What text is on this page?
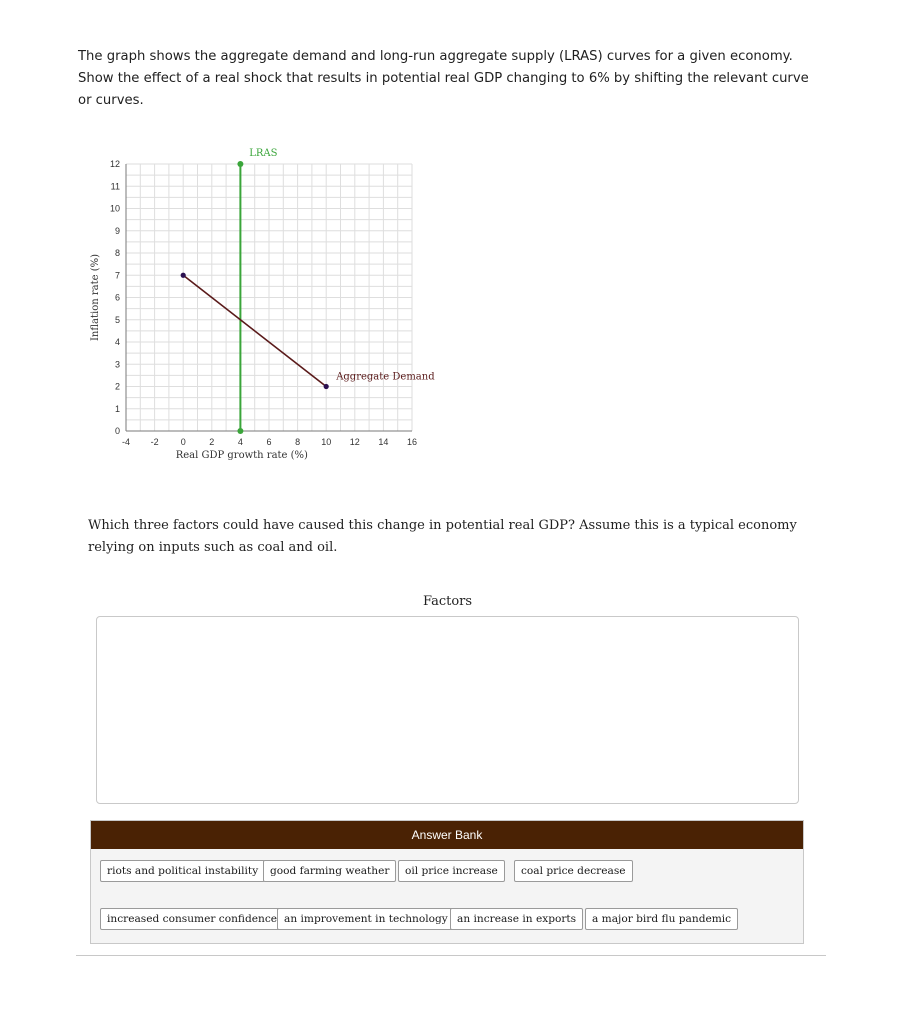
The graph shows the aggregate demand and long-run aggregate supply (LRAS) curves for a given economy. Show the effect of a real shock that results in potential real GDP changing to 6% by shifting the relevant curve or curves.
0
1
2
3
4
5
6
7
8
9
10
11
12
-4 -2 0	2	4	6	8 10 12 14 16
Real GDP growth rate (%)
Inflation rate (%)
LRAS
Aggregate Demand
Which three factors could have caused this change in potential real GDP? Assume this is a typical economy relying on inputs such as coal and oil.
Factors
Answer Bank
riots and political instability	good farming weather	oil price increase	coal price decrease
increased consumer confidence an improvement in technology an increase in exports	a major bird flu pandemic
